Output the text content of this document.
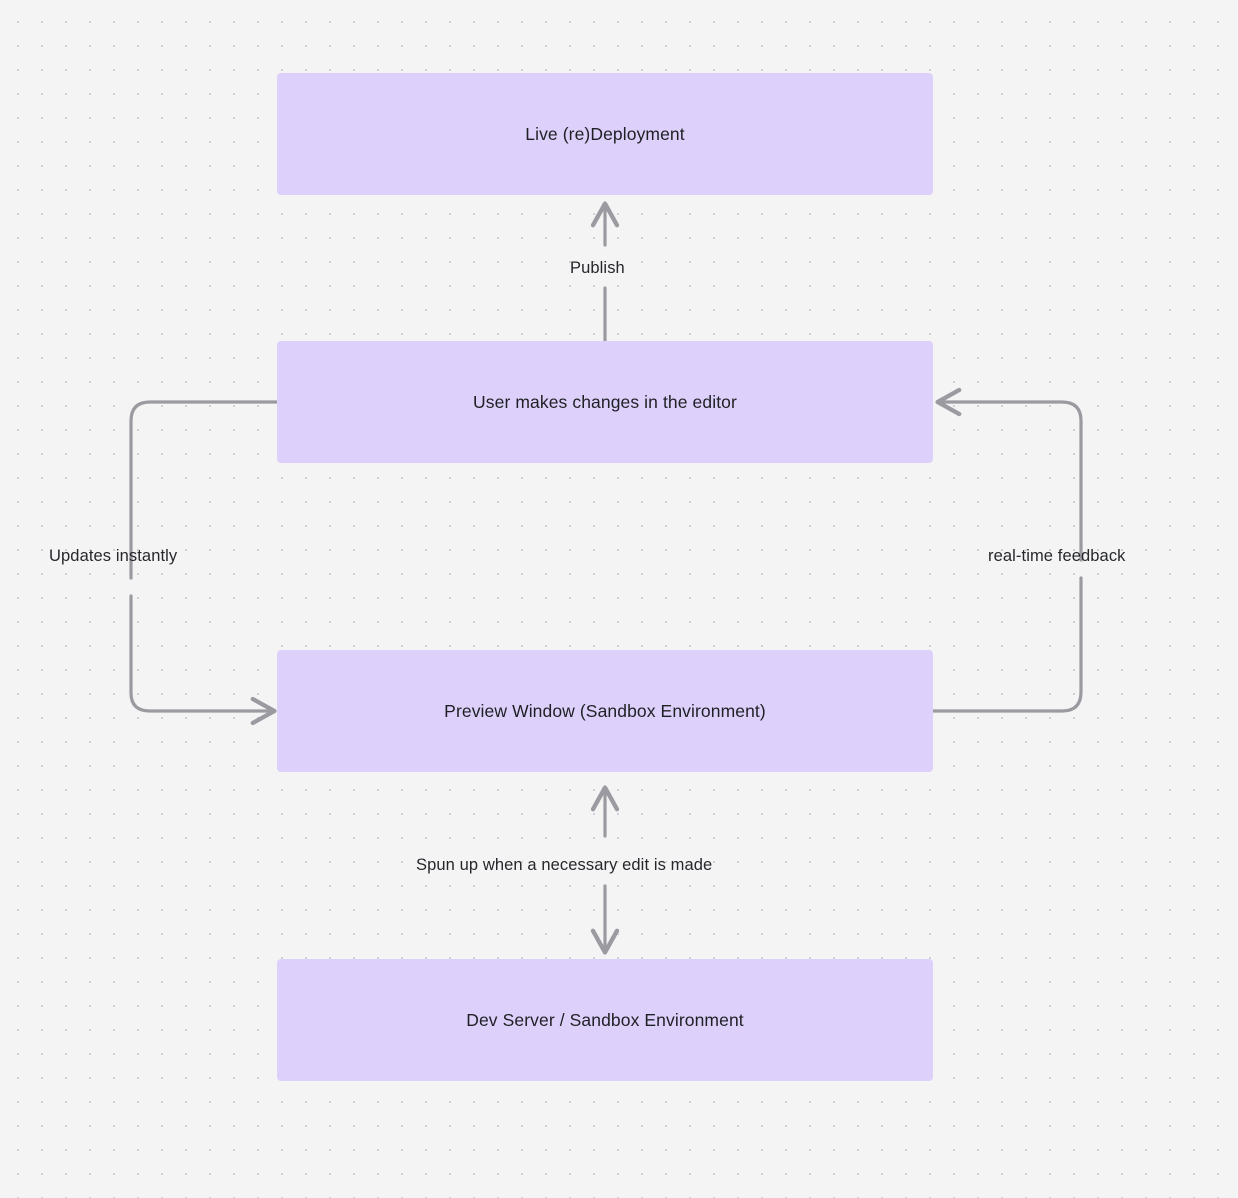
Live (re)Deployment
User makes changes in the editor
Preview Window (Sandbox Environment)
Dev Server / Sandbox Environment
Publish
Updates instantly	real-time feedback
Spun up when a necessary edit is made
